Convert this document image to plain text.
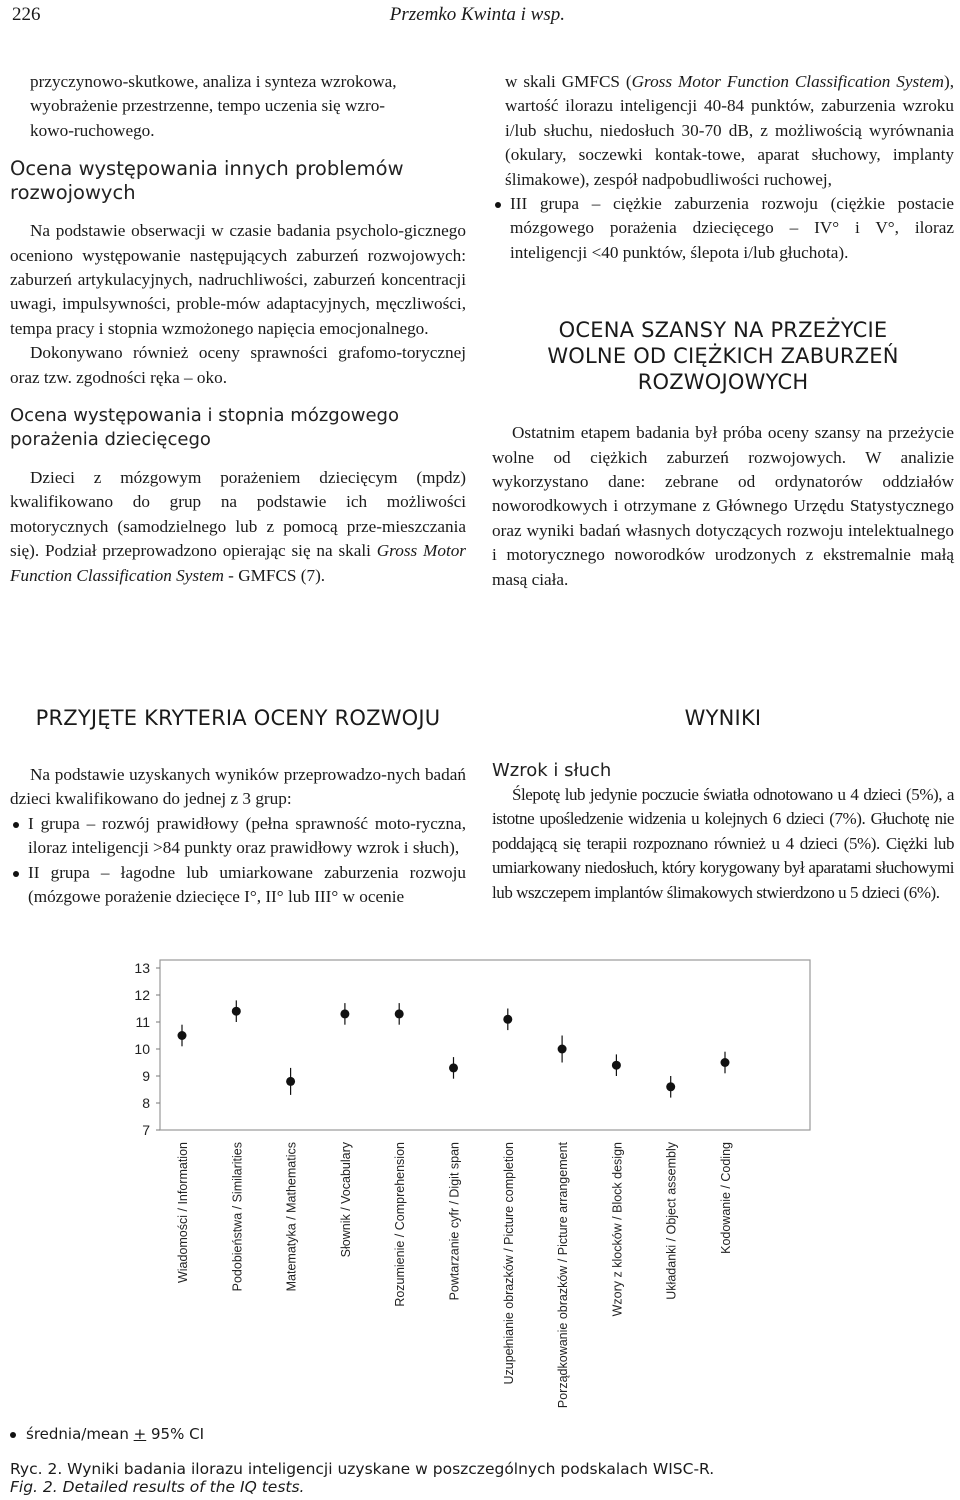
226	Przemko Kwinta i wsp.
przyczynowo-skutkowe, analiza i synteza wzrokowa,
wyobrażenie przestrzenne, tempo uczenia się wzro-
kowo-ruchowego.
Ocena występowania innych problemów
rozwojowych

Na podstawie obserwacji w czasie badania psycholo-gicznego oceniono występowanie następujących zaburzeń rozwojowych: zaburzeń artykulacyjnych, nadruchliwości, zaburzeń koncentracji uwagi, impulsywności, proble-mów adaptacyjnych, męczliwości, tempa pracy i stopnia wzmożonego napięcia emocjonalnego.

Dokonywano również oceny sprawności grafomo-torycznej oraz tzw. zgodności ręka – oko.

Ocena występowania i stopnia mózgowego
porażenia dziecięcego

Dzieci z mózgowym porażeniem dziecięcym (mpdz) kwalifikowano do grup na podstawie ich możliwości motorycznych (samodzielnego lub z pomocą prze-mieszczania się). Podział przeprowadzono opierając się na skali Gross Motor Function Classification System - GMFCS (7).

PRZYJĘTE KRYTERIA OCENY ROZWOJU

Na podstawie uzyskanych wyników przeprowadzo-nych badań dzieci kwalifikowano do jednej z 3 grup:

I grupa – rozwój prawidłowy (pełna sprawność moto-ryczna, iloraz inteligencji >84 punkty oraz prawidłowy wzrok i słuch),
II grupa – łagodne lub umiarkowane zaburzenia rozwoju (mózgowe porażenie dziecięce I°, II° lub III° w ocenie

w skali GMFCS (Gross Motor Function Classification System), wartość ilorazu inteligencji 40-84 punktów, zaburzenia wzroku i/lub słuchu, niedosłuch 30-70 dB, z możliwością wyrównania (okulary, soczewki kontak-towe, aparat słuchowy, implanty ślimakowe), zespół nadpobudliwości ruchowej,

III grupa – ciężkie zaburzenia rozwoju (ciężkie postacie mózgowego porażenia dziecięcego – IV° i V°, iloraz inteligencji <40 punktów, ślepota i/lub głuchota).
OCENA SZANSY NA PRZEŻYCIE
WOLNE OD CIĘŻKICH ZABURZEŃ
ROZWOJOWYCH

Ostatnim etapem badania był próba oceny szansy na przeżycie wolne od ciężkich zaburzeń rozwojowych. W analizie wykorzystano dane: zebrane od ordynatorów oddziałów noworodkowych i otrzymane z Głównego Urzędu Statystycznego oraz wyniki badań własnych dotyczących rozwoju intelektualnego i motorycznego noworodków urodzonych z ekstremalnie małą masą ciała.

WYNIKI
Wzrok i słuch

Ślepotę lub jedynie poczucie światła odnotowano u 4 dzieci (5%), a istotne upośledzenie widzenia u kolejnych 6 dzieci (7%). Głuchotę nie poddającą się terapii rozpoznano również u 4 dzieci (5%). Ciężki lub umiarkowany niedosłuch, który korygowany był aparatami słuchowymi lub wszczepem implantów ślimakowych stwierdzono u 5 dzieci (6%).

13
12
11
10
9
8
7
Wiadomości / Information	Podobieństwa / Similarities	Matematyka / Mathematics	Słownik / Vocabulary	Rozumienie / Comprehension	Powtarzanie cyfr / Digit span	Uzupełnianie obrazków / Picture completion	Porządkowanie obrazków / Picture arrangement	Wzory z klocków / Block design	Układanki / Object assembly	Kodowanie / Coding
średnia/mean + 95% CI
Ryc. 2. Wyniki badania ilorazu inteligencji uzyskane w poszczególnych podskalach WISC-R.
Fig. 2. Detailed results of the IQ tests.
